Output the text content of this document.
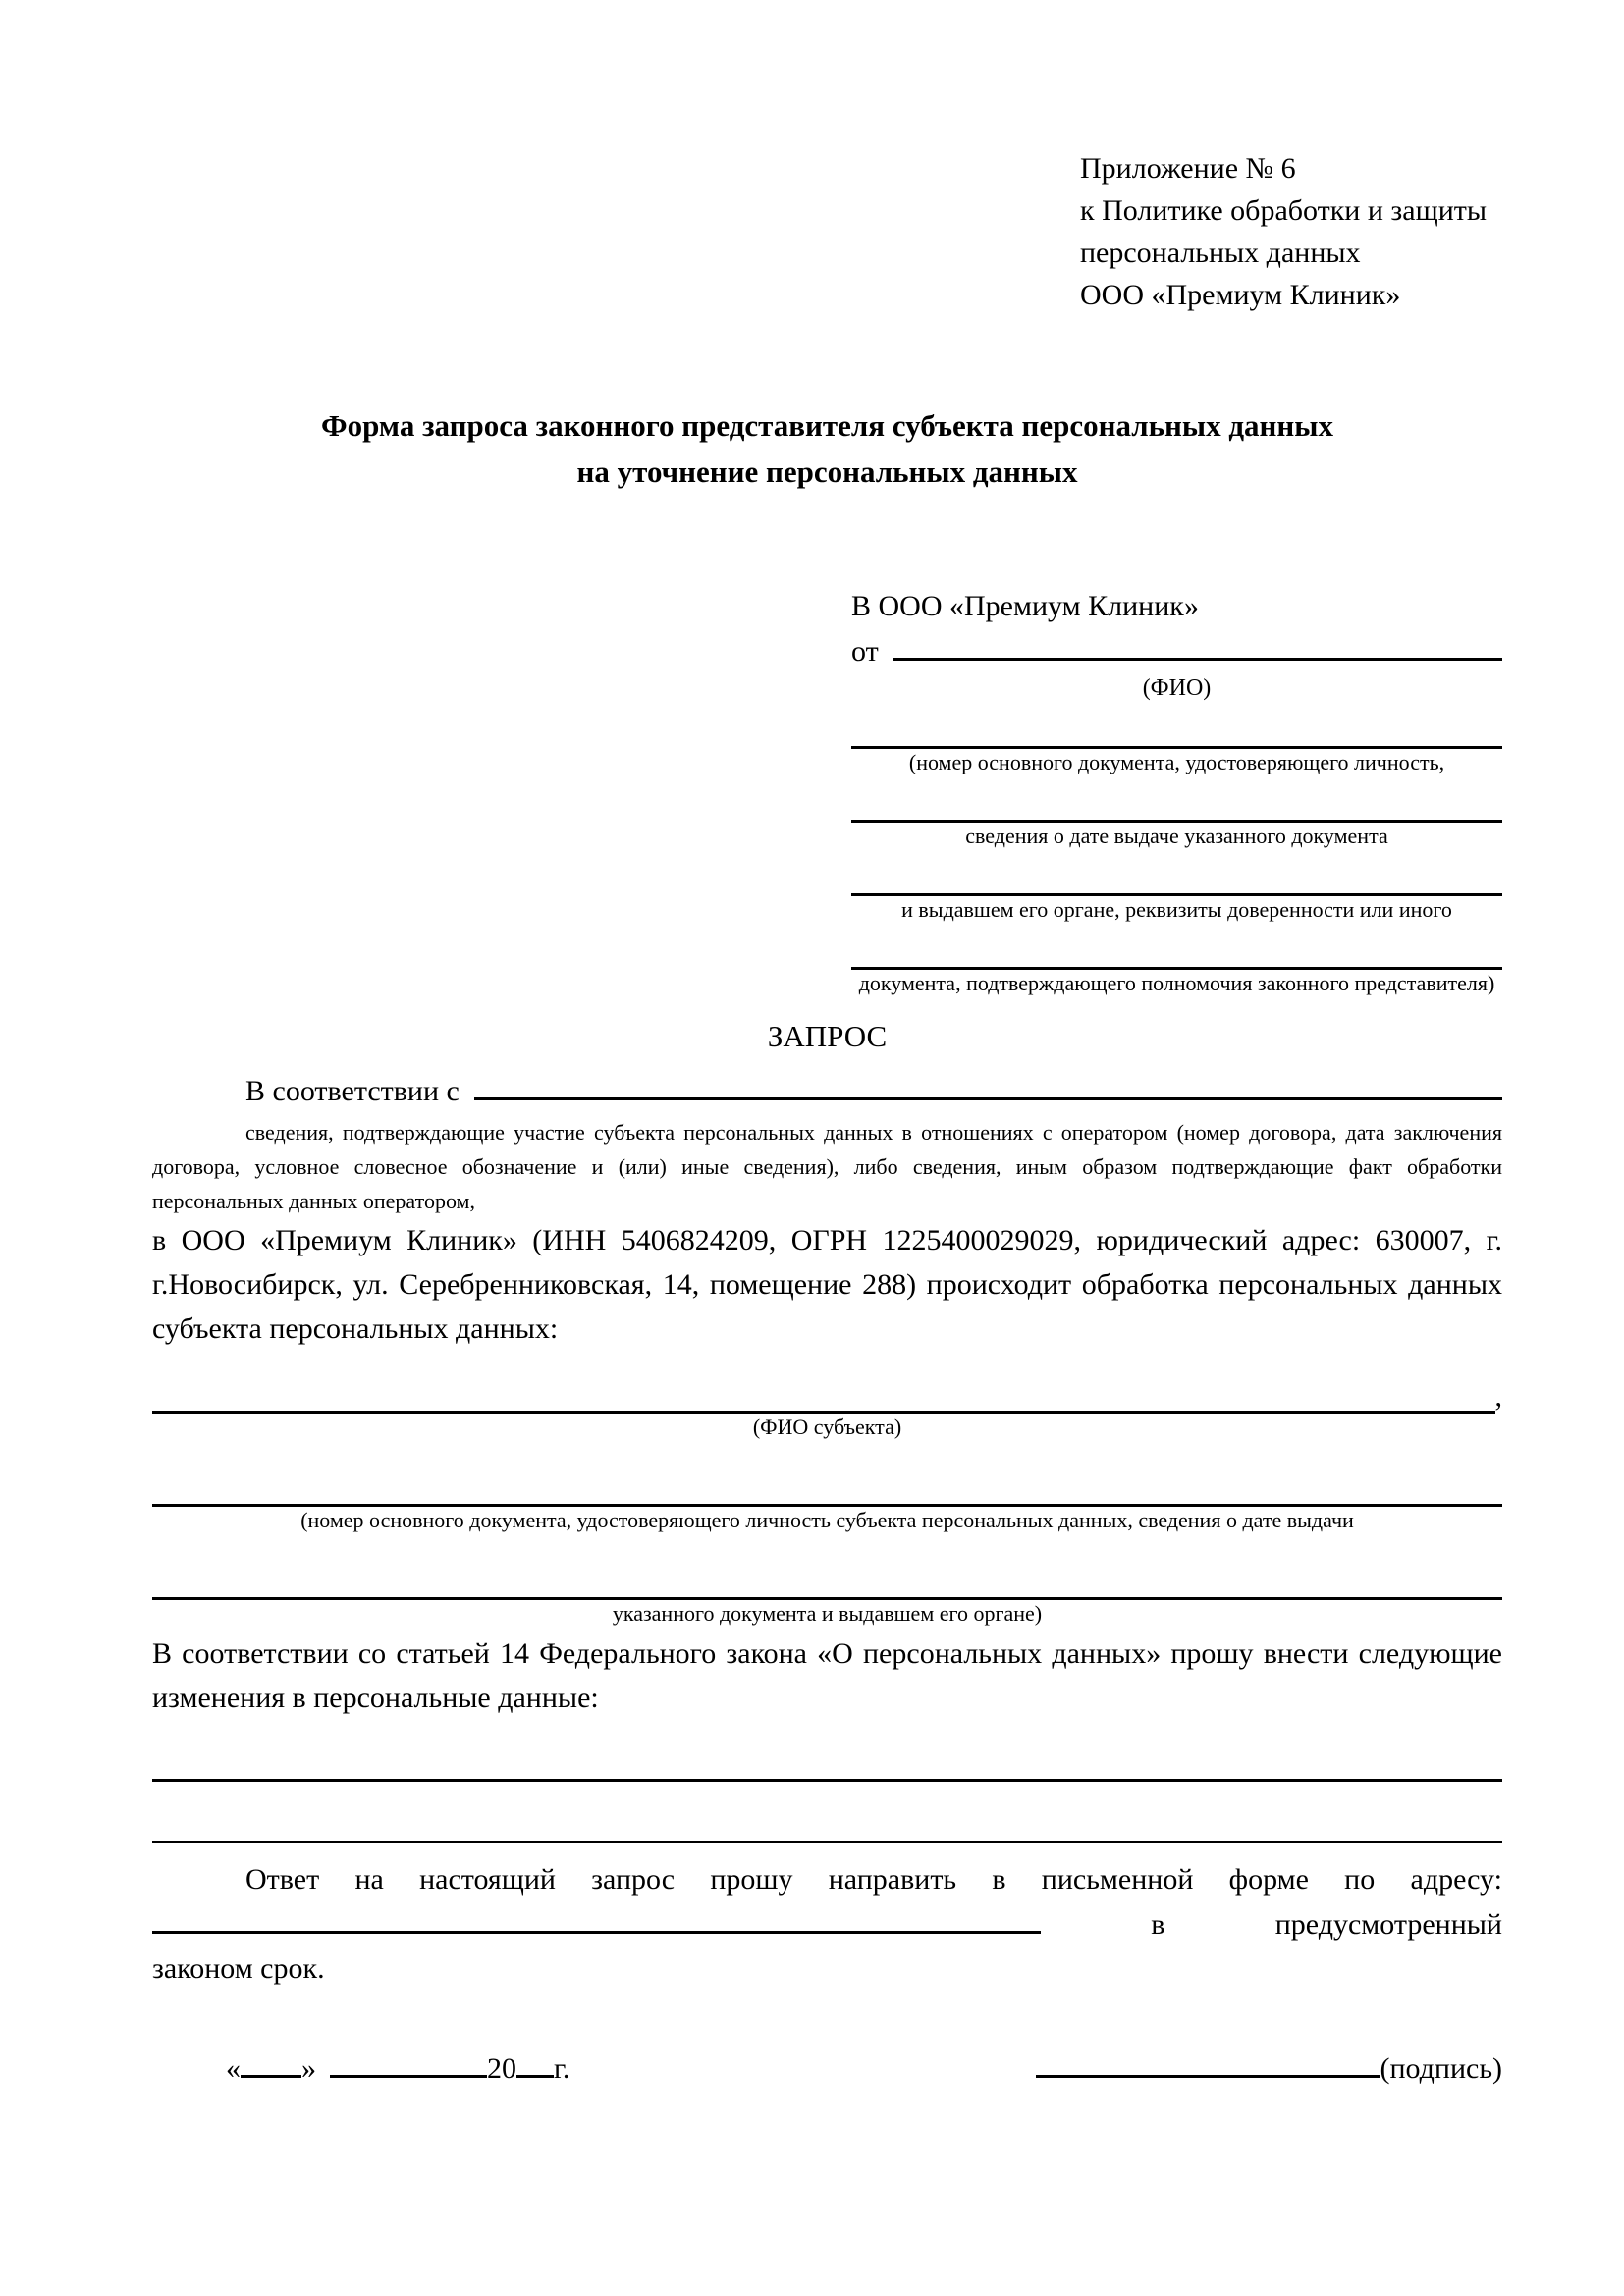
Приложение № 6
к Политике обработки и защиты
персональных данных
ООО «Премиум Клиник»
Форма запроса законного представителя субъекта персональных данных
на уточнение персональных данных
В ООО «Премиум Клиник»
от
(ФИО)
(номер основного документа, удостоверяющего личность,
сведения о дате выдаче указанного документа
и выдавшем его органе, реквизиты доверенности или иного
документа, подтверждающего полномочия законного представителя)
ЗАПРОС
В соответствии с
сведения, подтверждающие участие субъекта персональных данных в отношениях с оператором (номер договора, дата заключения договора, условное словесное обозначение и (или) иные сведения), либо сведения, иным образом подтверждающие факт обработки персональных данных оператором,
в ООО «Премиум Клиник» (ИНН 5406824209, ОГРН 1225400029029, юридический адрес: 630007, г. г.Новосибирск, ул. Серебренниковская, 14, помещение 288) происходит обработка персональных данных субъекта персональных данных:
,
(ФИО субъекта)
(номер основного документа, удостоверяющего личность субъекта персональных данных, сведения о дате выдачи
указанного документа и выдавшем его органе)
В соответствии со статьей 14 Федерального закона «О персональных данных» прошу внести следующие изменения в персональные данные:
Ответ на настоящий запрос прошу направить в письменной форме по адресу:
в	предусмотренный
законом срок.
« »	20 г.	(подпись)
